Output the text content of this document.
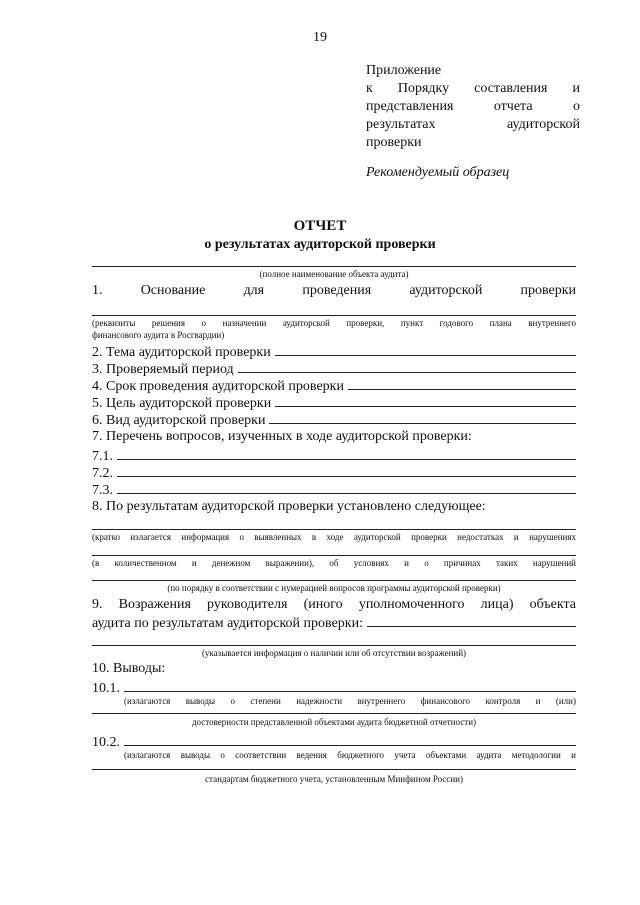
19
Приложение
к Порядку составления и
представления	отчета	о
результатах	аудиторской
проверки
Рекомендуемый образец
ОТЧЕТ
о результатах аудиторской проверки
(полное наименование объекта аудита)
1. Основание	для	проведения	аудиторской	проверки
(реквизиты решения о назначении аудиторской проверки, пункт годового плана внутреннего
финансового аудита в Росгвардии)
2. Тема аудиторской проверки
3. Проверяемый период
4. Срок проведения аудиторской проверки
5. Цель аудиторской проверки
6. Вид аудиторской проверки
7. Перечень вопросов, изученных в ходе аудиторской проверки:
7.1.
7.2.
7.3.
8. По результатам аудиторской проверки установлено следующее:
(кратко излагается информация о выявленных в ходе аудиторской проверки недостатках и нарушениях
(в количественном и денежном выражении), об условиях и о причинах таких нарушений
(по порядку в соответствии с нумерацией вопросов программы аудиторской проверки)
9. Возражения руководителя (иного уполномоченного лица) объекта
аудита по результатам аудиторской проверки:
(указывается информация о наличии или об отсутствии возражений)
10. Выводы:
10.1.
(излагаются выводы о степени надежности внутреннего финансового контроля и (или)
достоверности представленной объектами аудита бюджетной отчетности)
10.2.
(излагаются выводы о соответствии ведения бюджетного учета объектами аудита методологии и
стандартам бюджетного учета, установленным Минфином России)
